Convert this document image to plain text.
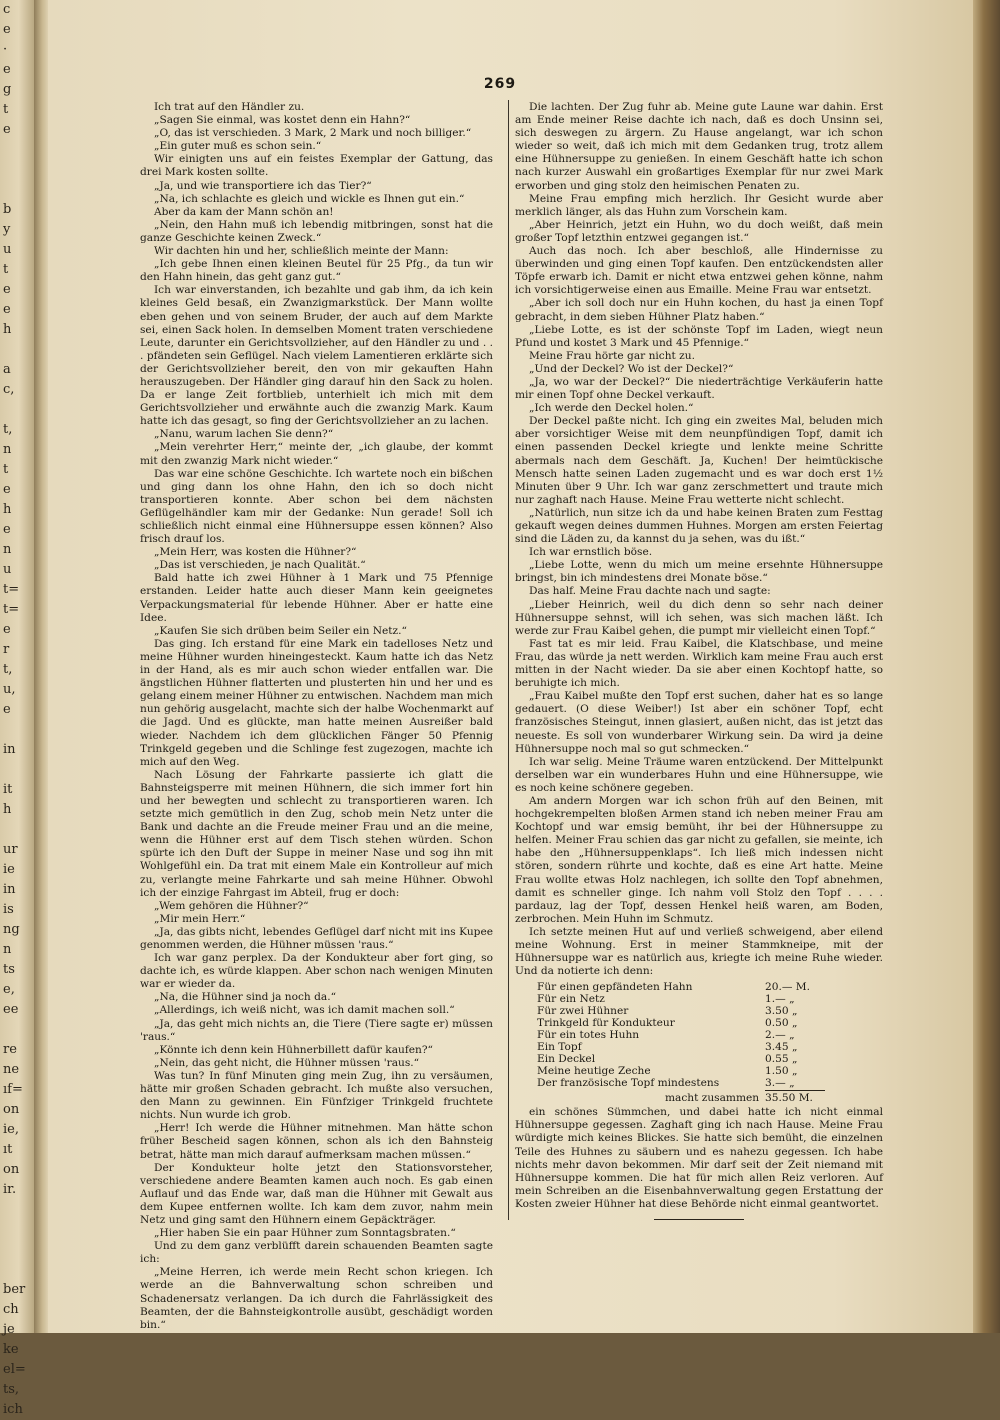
c
e
·
e
g
t
e
b
y
u
t
e
e
h
a
c,
t,
n
t
e
h
e
n
u
t=
t=
e
r
t,
u,
e
in
it
h
ur
ie
in
is
ng
n
ts
e,
ee
re
ne
ıf=
on
ie,
ıt
on
ir.
ber
ch
je
ke
el=
ts,
ich
269

Ich trat auf den Händler zu.

„Sagen Sie einmal, was kostet denn ein Hahn?“

„O, das ist verschieden. 3 Mark, 2 Mark und noch billiger.“

„Ein guter muß es schon sein.“

Wir einigten uns auf ein feistes Exemplar der Gattung, das drei Mark kosten sollte.

„Ja, und wie transportiere ich das Tier?“

„Na, ich schlachte es gleich und wickle es Ihnen gut ein.“

Aber da kam der Mann schön an!

„Nein, den Hahn muß ich lebendig mitbringen, sonst hat die ganze Geschichte keinen Zweck.“

Wir dachten hin und her, schließlich meinte der Mann:

„Ich gebe Ihnen einen kleinen Beutel für 25 Pfg., da tun wir den Hahn hinein, das geht ganz gut.“

Ich war einverstanden, ich bezahlte und gab ihm, da ich kein kleines Geld besaß, ein Zwanzigmarkstück. Der Mann wollte eben gehen und von seinem Bruder, der auch auf dem Markte sei, einen Sack holen. In demselben Moment traten verschiedene Leute, darunter ein Gerichtsvollzieher, auf den Händler zu und . . . pfändeten sein Geflügel. Nach vielem Lamentieren erklärte sich der Gerichtsvollzieher bereit, den von mir gekauften Hahn herauszugeben. Der Händler ging darauf hin den Sack zu holen. Da er lange Zeit fortblieb, unterhielt ich mich mit dem Gerichtsvollzieher und erwähnte auch die zwanzig Mark. Kaum hatte ich das gesagt, so fing der Gerichtsvollzieher an zu lachen.

„Nanu, warum lachen Sie denn?“

„Mein verehrter Herr,“ meinte der, „ich glaube, der kommt mit den zwanzig Mark nicht wieder.“

Das war eine schöne Geschichte. Ich wartete noch ein bißchen und ging dann los ohne Hahn, den ich so doch nicht transportieren konnte. Aber schon bei dem nächsten Geflügelhändler kam mir der Gedanke: Nun gerade! Soll ich schließlich nicht einmal eine Hühnersuppe essen können? Also frisch drauf los.

„Mein Herr, was kosten die Hühner?“

„Das ist verschieden, je nach Qualität.“

Bald hatte ich zwei Hühner à 1 Mark und 75 Pfennige erstanden. Leider hatte auch dieser Mann kein geeignetes Verpackungsmaterial für lebende Hühner. Aber er hatte eine Idee.

„Kaufen Sie sich drüben beim Seiler ein Netz.“

Das ging. Ich erstand für eine Mark ein tadelloses Netz und meine Hühner wurden hineingesteckt. Kaum hatte ich das Netz in der Hand, als es mir auch schon wieder entfallen war. Die ängstlichen Hühner flatterten und plusterten hin und her und es gelang einem meiner Hühner zu entwischen. Nachdem man mich nun gehörig ausgelacht, machte sich der halbe Wochenmarkt auf die Jagd. Und es glückte, man hatte meinen Ausreißer bald wieder. Nachdem ich dem glücklichen Fänger 50 Pfennig Trinkgeld gegeben und die Schlinge fest zugezogen, machte ich mich auf den Weg.

Nach Lösung der Fahrkarte passierte ich glatt die Bahnsteigsperre mit meinen Hühnern, die sich immer fort hin und her bewegten und schlecht zu transportieren waren. Ich setzte mich gemütlich in den Zug, schob mein Netz unter die Bank und dachte an die Freude meiner Frau und an die meine, wenn die Hühner erst auf dem Tisch stehen würden. Schon spürte ich den Duft der Suppe in meiner Nase und sog ihn mit Wohlgefühl ein. Da trat mit einem Male ein Kontrolleur auf mich zu, verlangte meine Fahrkarte und sah meine Hühner. Obwohl ich der einzige Fahrgast im Abteil, frug er doch:

„Wem gehören die Hühner?“

„Mir mein Herr.“

„Ja, das gibts nicht, lebendes Geflügel darf nicht mit ins Kupee genommen werden, die Hühner müssen 'raus.“

Ich war ganz perplex. Da der Kondukteur aber fort ging, so dachte ich, es würde klappen. Aber schon nach wenigen Minuten war er wieder da.

„Na, die Hühner sind ja noch da.“

„Allerdings, ich weiß nicht, was ich damit machen soll.“

„Ja, das geht mich nichts an, die Tiere (Tiere sagte er) müssen 'raus.“

„Könnte ich denn kein Hühnerbillett dafür kaufen?“

„Nein, das geht nicht, die Hühner müssen 'raus.“

Was tun? In fünf Minuten ging mein Zug, ihn zu versäumen, hätte mir großen Schaden gebracht. Ich mußte also versuchen, den Mann zu gewinnen. Ein Fünfziger Trinkgeld fruchtete nichts. Nun wurde ich grob.

„Herr! Ich werde die Hühner mitnehmen. Man hätte schon früher Bescheid sagen können, schon als ich den Bahnsteig betrat, hätte man mich darauf aufmerksam machen müssen.“

Der Kondukteur holte jetzt den Stationsvorsteher, verschiedene andere Beamten kamen auch noch. Es gab einen Auflauf und das Ende war, daß man die Hühner mit Gewalt aus dem Kupee entfernen wollte. Ich kam dem zuvor, nahm mein Netz und ging samt den Hühnern einem Gepäckträger.

„Hier haben Sie ein paar Hühner zum Sonntagsbraten.“

Und zu dem ganz verblüfft darein schauenden Beamten sagte ich:

„Meine Herren, ich werde mein Recht schon kriegen. Ich werde an die Bahnverwaltung schon schreiben und Schadenersatz verlangen. Da ich durch die Fahrlässigkeit des Beamten, der die Bahnsteigkontrolle ausübt, geschädigt worden bin.“

Die lachten. Der Zug fuhr ab. Meine gute Laune war dahin. Erst am Ende meiner Reise dachte ich nach, daß es doch Unsinn sei, sich deswegen zu ärgern. Zu Hause angelangt, war ich schon wieder so weit, daß ich mich mit dem Gedanken trug, trotz allem eine Hühnersuppe zu genießen. In einem Geschäft hatte ich schon nach kurzer Auswahl ein großartiges Exemplar für nur zwei Mark erworben und ging stolz den heimischen Penaten zu.

Meine Frau empfing mich herzlich. Ihr Gesicht wurde aber merklich länger, als das Huhn zum Vorschein kam.

„Aber Heinrich, jetzt ein Huhn, wo du doch weißt, daß mein großer Topf letzthin entzwei gegangen ist.“

Auch das noch. Ich aber beschloß, alle Hindernisse zu überwinden und ging einen Topf kaufen. Den entzückendsten aller Töpfe erwarb ich. Damit er nicht etwa entzwei gehen könne, nahm ich vorsichtigerweise einen aus Emaille. Meine Frau war entsetzt.

„Aber ich soll doch nur ein Huhn kochen, du hast ja einen Topf gebracht, in dem sieben Hühner Platz haben.“

„Liebe Lotte, es ist der schönste Topf im Laden, wiegt neun Pfund und kostet 3 Mark und 45 Pfennige.“

Meine Frau hörte gar nicht zu.

„Und der Deckel? Wo ist der Deckel?“

„Ja, wo war der Deckel?“ Die niederträchtige Verkäuferin hatte mir einen Topf ohne Deckel verkauft.

„Ich werde den Deckel holen.“

Der Deckel paßte nicht. Ich ging ein zweites Mal, beluden mich aber vorsichtiger Weise mit dem neunpfündigen Topf, damit ich einen passenden Deckel kriegte und lenkte meine Schritte abermals nach dem Geschäft. Ja, Kuchen! Der heimtückische Mensch hatte seinen Laden zugemacht und es war doch erst 1½ Minuten über 9 Uhr. Ich war ganz zerschmettert und traute mich nur zaghaft nach Hause. Meine Frau wetterte nicht schlecht.

„Natürlich, nun sitze ich da und habe keinen Braten zum Festtag gekauft wegen deines dummen Huhnes. Morgen am ersten Feiertag sind die Läden zu, da kannst du ja sehen, was du ißt.“

Ich war ernstlich böse.

„Liebe Lotte, wenn du mich um meine ersehnte Hühnersuppe bringst, bin ich mindestens drei Monate böse.“

Das half. Meine Frau dachte nach und sagte:

„Lieber Heinrich, weil du dich denn so sehr nach deiner Hühnersuppe sehnst, will ich sehen, was sich machen läßt. Ich werde zur Frau Kaibel gehen, die pumpt mir vielleicht einen Topf.“

Fast tat es mir leid. Frau Kaibel, die Klatschbase, und meine Frau, das würde ja nett werden. Wirklich kam meine Frau auch erst mitten in der Nacht wieder. Da sie aber einen Kochtopf hatte, so beruhigte ich mich.

„Frau Kaibel mußte den Topf erst suchen, daher hat es so lange gedauert. (O diese Weiber!) Ist aber ein schöner Topf, echt französisches Steingut, innen glasiert, außen nicht, das ist jetzt das neueste. Es soll von wunderbarer Wirkung sein. Da wird ja deine Hühnersuppe noch mal so gut schmecken.“

Ich war selig. Meine Träume waren entzückend. Der Mittelpunkt derselben war ein wunderbares Huhn und eine Hühnersuppe, wie es noch keine schönere gegeben.

Am andern Morgen war ich schon früh auf den Beinen, mit hochgekrempelten bloßen Armen stand ich neben meiner Frau am Kochtopf und war emsig bemüht, ihr bei der Hühnersuppe zu helfen. Meiner Frau schien das gar nicht zu gefallen, sie meinte, ich habe den „Hühnersuppenklaps“. Ich ließ mich indessen nicht stören, sondern rührte und kochte, daß es eine Art hatte. Meine Frau wollte etwas Holz nachlegen, ich sollte den Topf abnehmen, damit es schneller ginge. Ich nahm voll Stolz den Topf . . . . pardauz, lag der Topf, dessen Henkel heiß waren, am Boden, zerbrochen. Mein Huhn im Schmutz.

Ich setzte meinen Hut auf und verließ schweigend, aber eilend meine Wohnung. Erst in meiner Stammkneipe, mit der Hühnersuppe war es natürlich aus, kriegte ich meine Ruhe wieder. Und da notierte ich denn:

Für einen gepfändeten Hahn	20.— M.
Für ein Netz	1.— „
Für zwei Hühner	3.50 „
Trinkgeld für Kondukteur	0.50 „
Für ein totes Huhn	2.— „
Ein Topf	3.45 „
Ein Deckel	0.55 „
Meine heutige Zeche	1.50 „
Der französische Topf mindestens	3.— „
macht zusammen 35.50 M.

ein schönes Sümmchen, und dabei hatte ich nicht einmal Hühnersuppe gegessen. Zaghaft ging ich nach Hause. Meine Frau würdigte mich keines Blickes. Sie hatte sich bemüht, die einzelnen Teile des Huhnes zu säubern und es nahezu gegessen. Ich habe nichts mehr davon bekommen. Mir darf seit der Zeit niemand mit Hühnersuppe kommen. Die hat für mich allen Reiz verloren. Auf mein Schreiben an die Eisenbahnverwaltung gegen Erstattung der Kosten zweier Hühner hat diese Behörde nicht einmal geantwortet.
